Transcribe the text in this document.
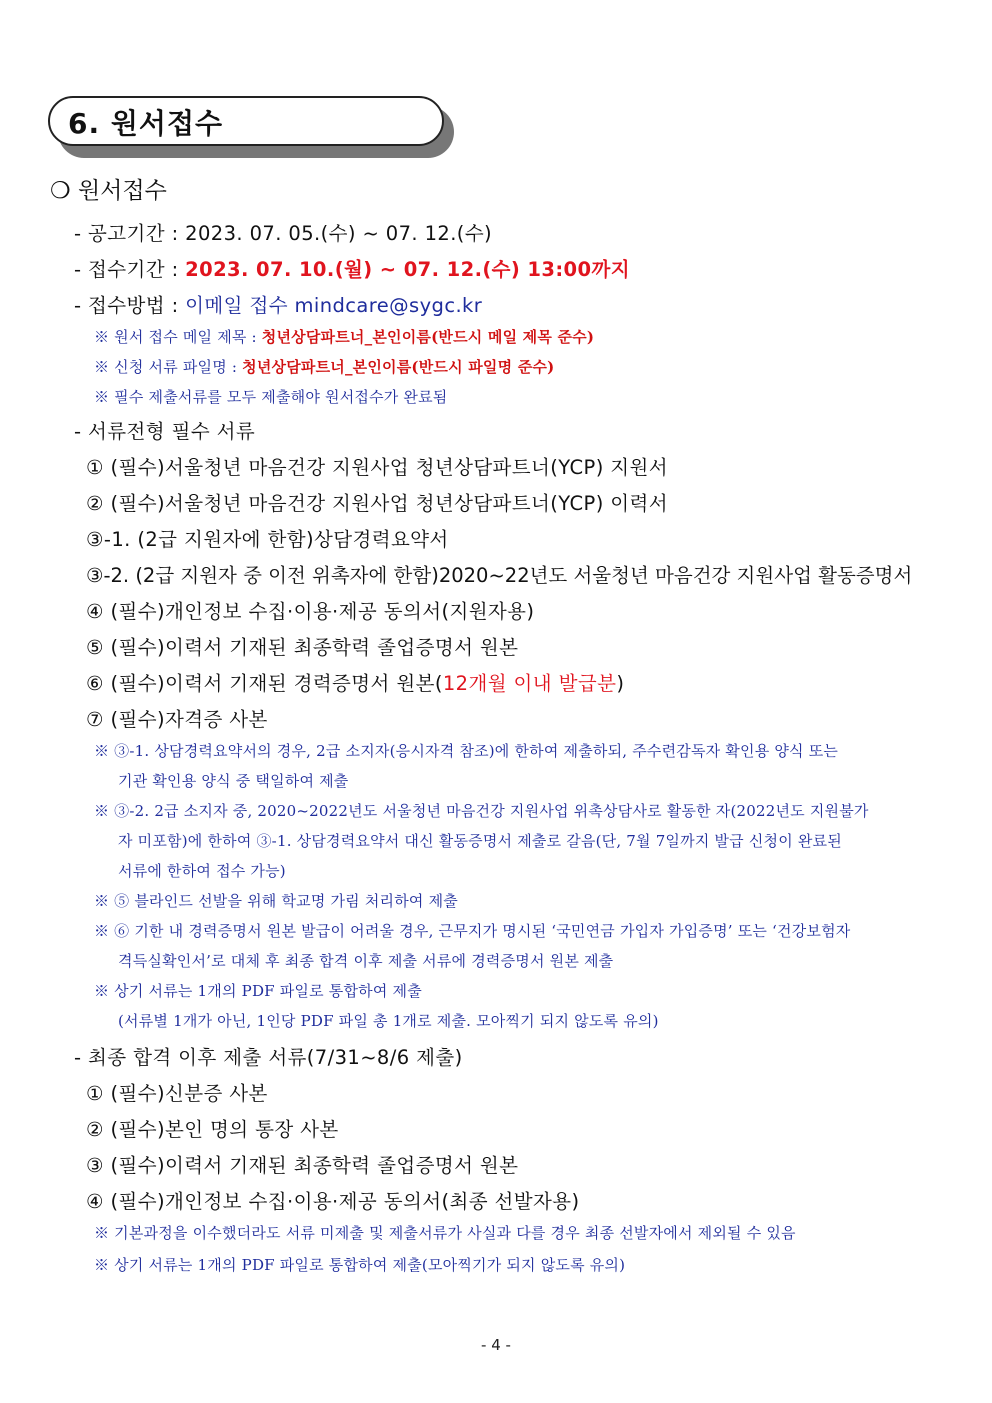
6. 원서접수
❍ 원서접수
- 공고기간 : 2023. 07. 05.(수) ~ 07. 12.(수)
- 접수기간 : 2023. 07. 10.(월) ~ 07. 12.(수) 13:00까지
- 접수방법 : 이메일 접수 mindcare@sygc.kr
※ 원서 접수 메일 제목 : 청년상담파트너_본인이름(반드시 메일 제목 준수)
※ 신청 서류 파일명 : 청년상담파트너_본인이름(반드시 파일명 준수)
※ 필수 제출서류를 모두 제출해야 원서접수가 완료됨
- 서류전형 필수 서류
① (필수)서울청년 마음건강 지원사업 청년상담파트너(YCP) 지원서
② (필수)서울청년 마음건강 지원사업 청년상담파트너(YCP) 이력서
③-1. (2급 지원자에 한함)상담경력요약서
③-2. (2급 지원자 중 이전 위촉자에 한함)2020~22년도 서울청년 마음건강 지원사업 활동증명서
④ (필수)개인정보 수집·이용·제공 동의서(지원자용)
⑤ (필수)이력서 기재된 최종학력 졸업증명서 원본
⑥ (필수)이력서 기재된 경력증명서 원본(12개월 이내 발급분)
⑦ (필수)자격증 사본
※ ③-1. 상담경력요약서의 경우, 2급 소지자(응시자격 참조)에 한하여 제출하되, 주수련감독자 확인용 양식 또는
기관 확인용 양식 중 택일하여 제출
※ ③-2. 2급 소지자 중, 2020~2022년도 서울청년 마음건강 지원사업 위촉상담사로 활동한 자(2022년도 지원불가
자 미포함)에 한하여 ③-1. 상담경력요약서 대신 활동증명서 제출로 갈음(단, 7월 7일까지 발급 신청이 완료된
서류에 한하여 접수 가능)
※ ⑤ 블라인드 선발을 위해 학교명 가림 처리하여 제출
※ ⑥ 기한 내 경력증명서 원본 발급이 어려울 경우, 근무지가 명시된 ‘국민연금 가입자 가입증명’ 또는 ‘건강보험자
격득실확인서’로 대체 후 최종 합격 이후 제출 서류에 경력증명서 원본 제출
※ 상기 서류는 1개의 PDF 파일로 통합하여 제출
(서류별 1개가 아닌, 1인당 PDF 파일 총 1개로 제출. 모아찍기 되지 않도록 유의)
- 최종 합격 이후 제출 서류(7/31~8/6 제출)
① (필수)신분증 사본
② (필수)본인 명의 통장 사본
③ (필수)이력서 기재된 최종학력 졸업증명서 원본
④ (필수)개인정보 수집·이용·제공 동의서(최종 선발자용)
※ 기본과정을 이수했더라도 서류 미제출 및 제출서류가 사실과 다를 경우 최종 선발자에서 제외될 수 있음
※ 상기 서류는 1개의 PDF 파일로 통합하여 제출(모아찍기가 되지 않도록 유의)
- 4 -
